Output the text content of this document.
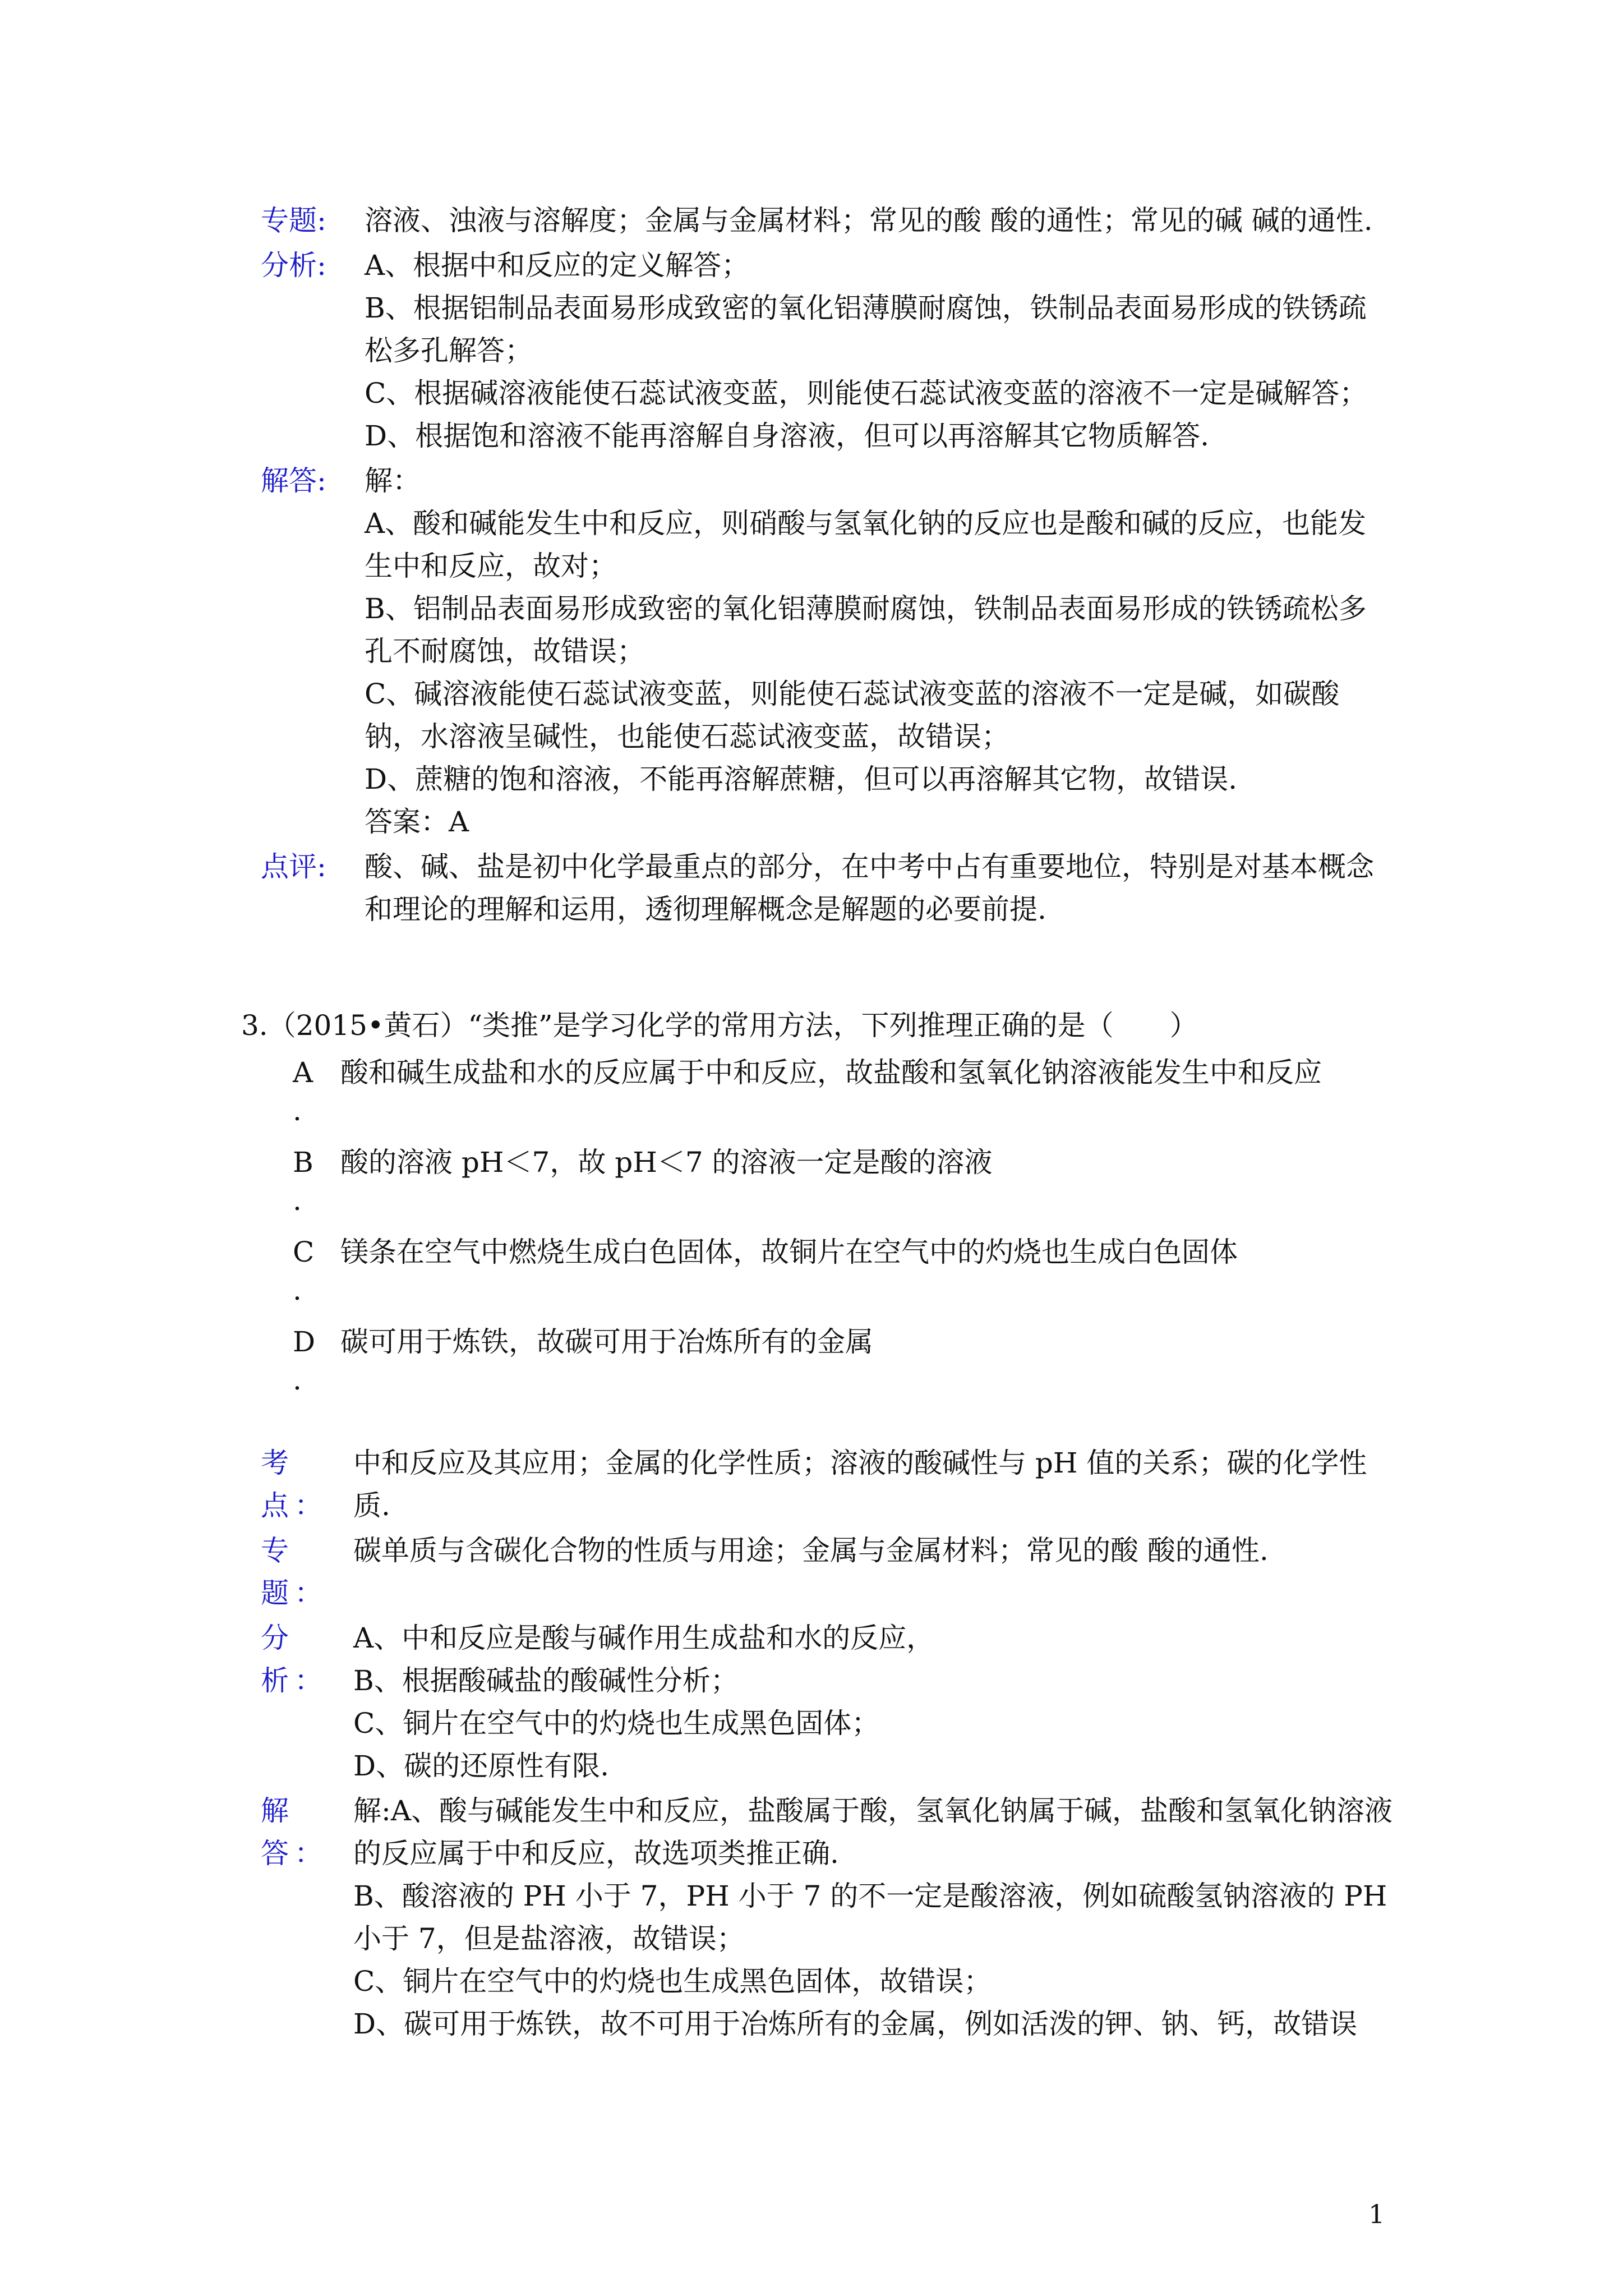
专题:	溶液、浊液与溶解度；金属与金属材料；常见的酸 酸的通性；常见的碱 碱的通性.

分析:	A、根据中和反应的定义解答；

B、根据铝制品表面易形成致密的氧化铝薄膜耐腐蚀，铁制品表面易形成的铁锈疏松多孔解答；

C、根据碱溶液能使石蕊试液变蓝，则能使石蕊试液变蓝的溶液不一定是碱解答；

D、根据饱和溶液不能再溶解自身溶液，但可以再溶解其它物质解答.

解答:	解：

A、酸和碱能发生中和反应，则硝酸与氢氧化钠的反应也是酸和碱的反应，也能发生中和反应，故对；

B、铝制品表面易形成致密的氧化铝薄膜耐腐蚀，铁制品表面易形成的铁锈疏松多孔不耐腐蚀，故错误；

C、碱溶液能使石蕊试液变蓝，则能使石蕊试液变蓝的溶液不一定是碱，如碳酸钠，水溶液呈碱性，也能使石蕊试液变蓝，故错误；

D、蔗糖的饱和溶液，不能再溶解蔗糖，但可以再溶解其它物，故错误.

答案：A

点评:	酸、碱、盐是初中化学最重点的部分，在中考中占有重要地位，特别是对基本概念和理论的理解和运用，透彻理解概念是解题的必要前提.

3.（2015•黄石）“类推”是学习化学的常用方法，下列推理正确的是（　　）

A
.
酸和碱生成盐和水的反应属于中和反应，故盐酸和氢氧化钠溶液能发生中和反应
B
.
酸的溶液 pH＜7，故 pH＜7 的溶液一定是酸的溶液
C
.
镁条在空气中燃烧生成白色固体，故铜片在空气中的灼烧也生成白色固体
D
.
碳可用于炼铁，故碳可用于冶炼所有的金属
考点：

中和反应及其应用；金属的化学性质；溶液的酸碱性与 pH 值的关系；碳的化学性质.

专题：

碳单质与含碳化合物的性质与用途；金属与金属材料；常见的酸 酸的通性.

分析：

A、中和反应是酸与碱作用生成盐和水的反应，

B、根据酸碱盐的酸碱性分析；

C、铜片在空气中的灼烧也生成黑色固体；

D、碳的还原性有限.

解答：

解:A、酸与碱能发生中和反应，盐酸属于酸，氢氧化钠属于碱，盐酸和氢氧化钠溶液的反应属于中和反应，故选项类推正确.

B、酸溶液的 PH 小于 7，PH 小于 7 的不一定是酸溶液，例如硫酸氢钠溶液的 PH 小于 7，但是盐溶液，故错误；

C、铜片在空气中的灼烧也生成黑色固体，故错误；

D、碳可用于炼铁，故不可用于冶炼所有的金属，例如活泼的钾、钠、钙，故错误

1
